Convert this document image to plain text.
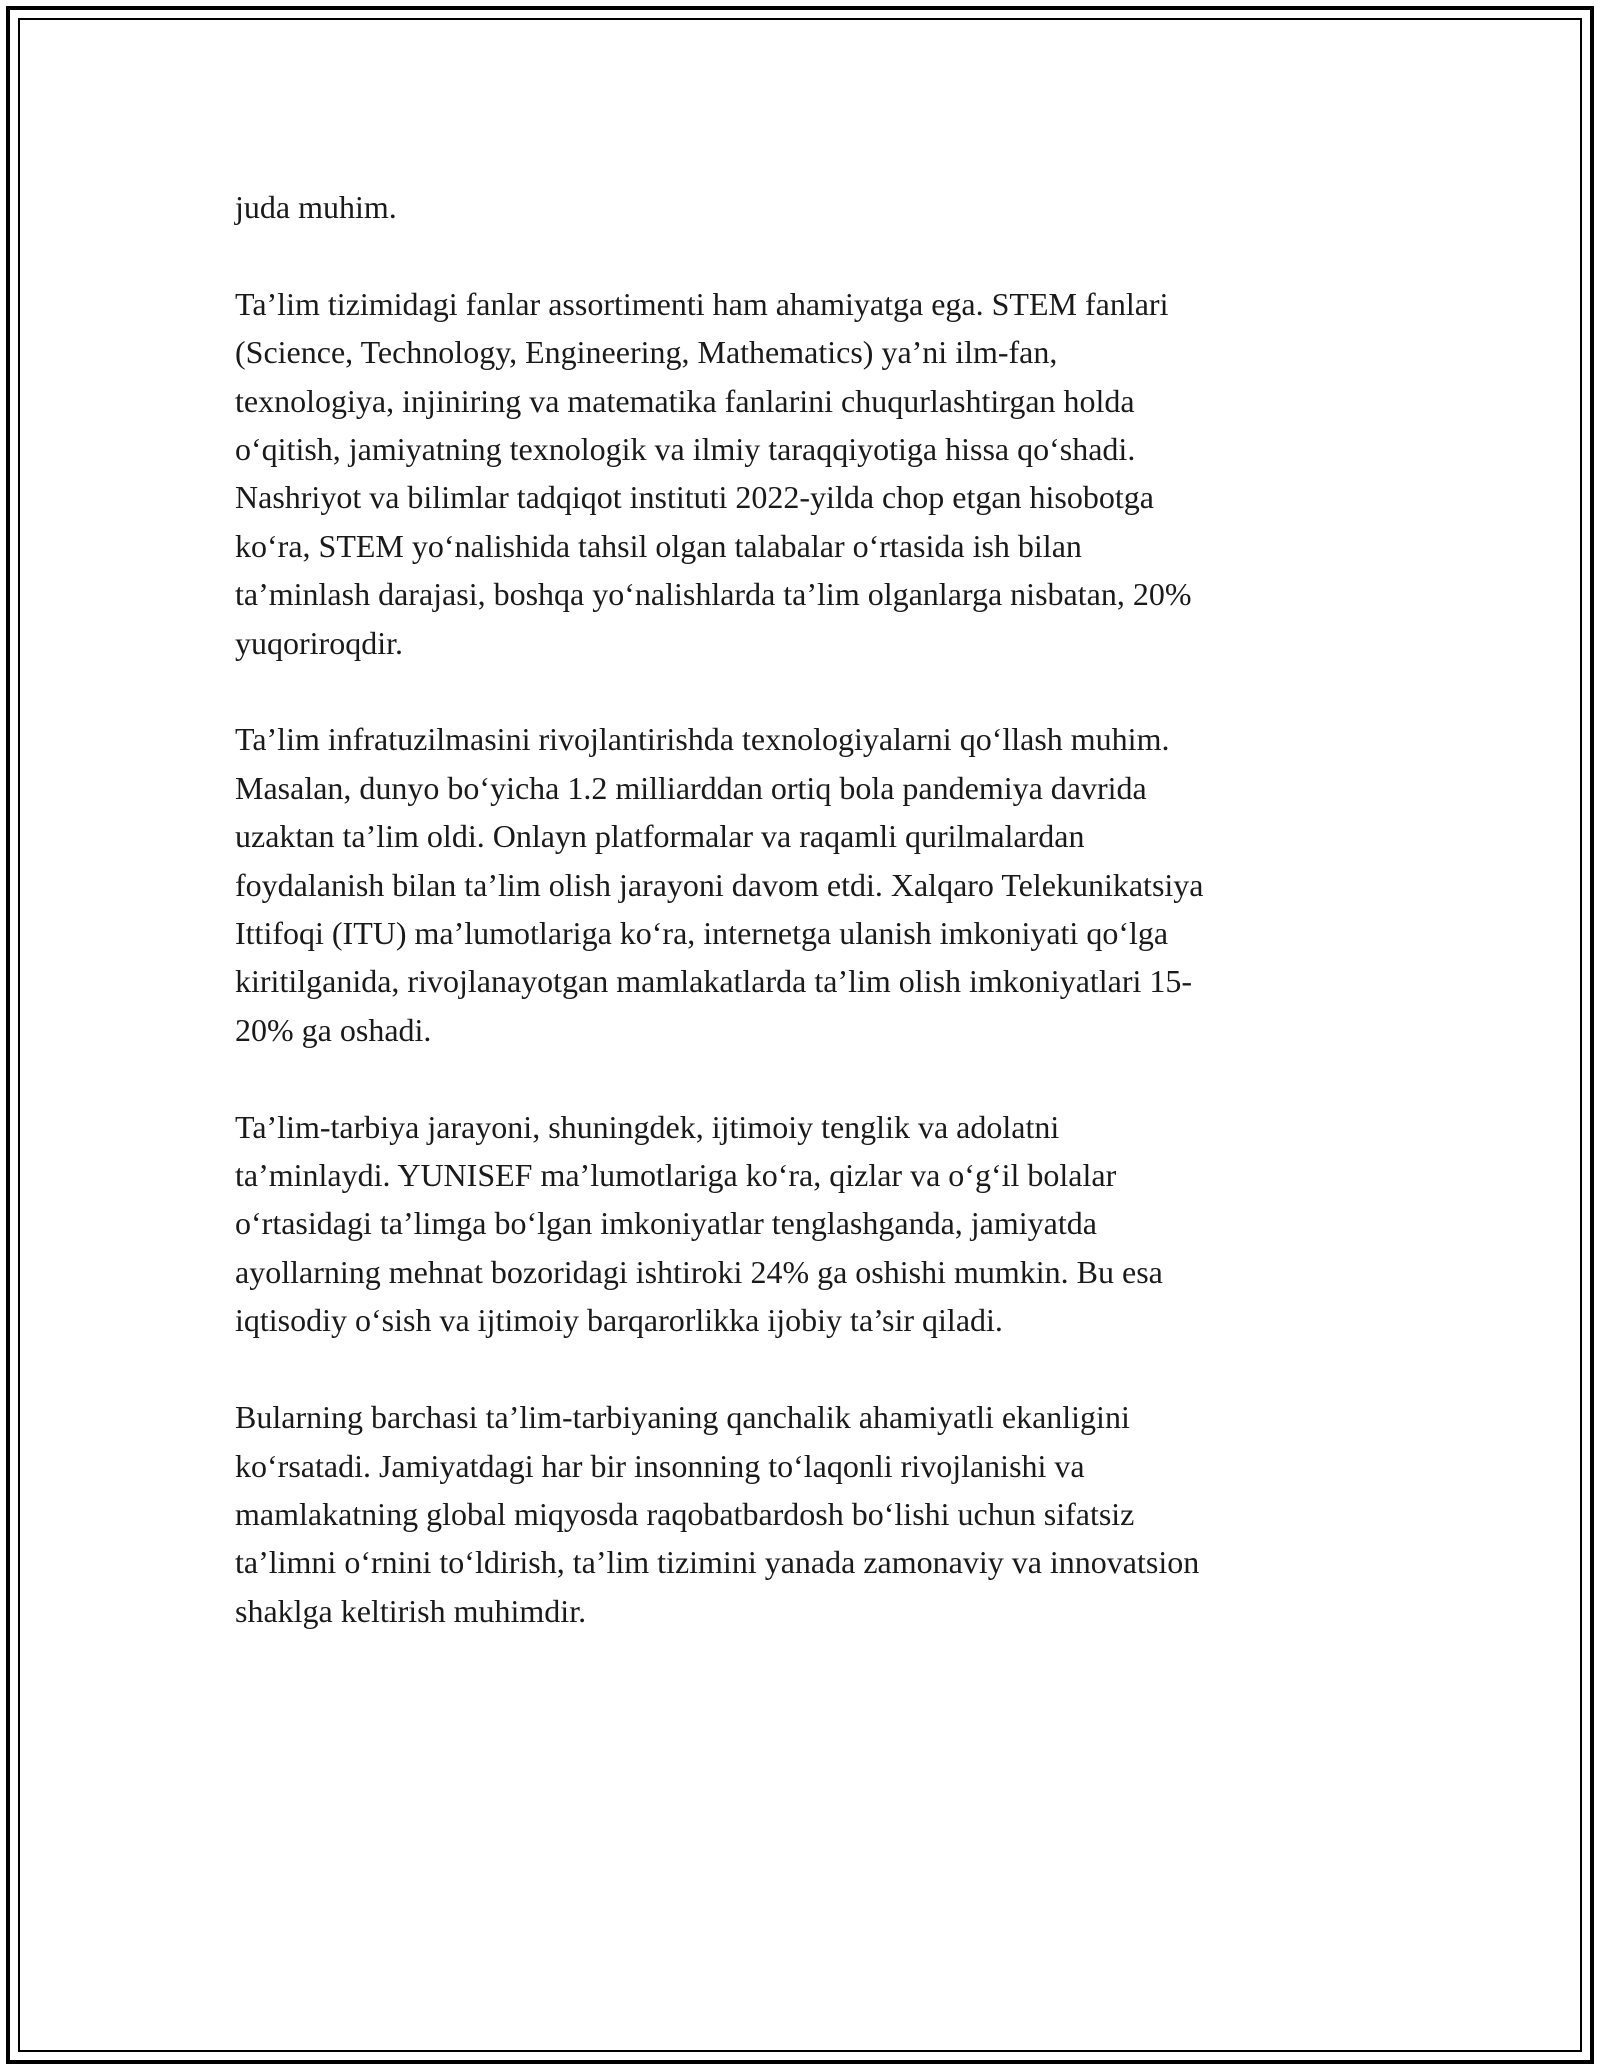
juda muhim.

Ta’lim tizimidagi fanlar assortimenti ham ahamiyatga ega. STEM fanlari
(Science, Technology, Engineering, Mathematics) ya’ni ilm-fan,
texnologiya, injiniring va matematika fanlarini chuqurlashtirgan holda
o‘qitish, jamiyatning texnologik va ilmiy taraqqiyotiga hissa qo‘shadi.
Nashriyot va bilimlar tadqiqot instituti 2022-yilda chop etgan hisobotga
ko‘ra, STEM yo‘nalishida tahsil olgan talabalar o‘rtasida ish bilan
ta’minlash darajasi, boshqa yo‘nalishlarda ta’lim olganlarga nisbatan, 20%
yuqoriroqdir.

Ta’lim infratuzilmasini rivojlantirishda texnologiyalarni qo‘llash muhim.
Masalan, dunyo bo‘yicha 1.2 milliarddan ortiq bola pandemiya davrida
uzaktan ta’lim oldi. Onlayn platformalar va raqamli qurilmalardan
foydalanish bilan ta’lim olish jarayoni davom etdi. Xalqaro Telekunikatsiya
Ittifoqi (ITU) ma’lumotlariga ko‘ra, internetga ulanish imkoniyati qo‘lga
kiritilganida, rivojlanayotgan mamlakatlarda ta’lim olish imkoniyatlari 15-
20% ga oshadi.

Ta’lim-tarbiya jarayoni, shuningdek, ijtimoiy tenglik va adolatni
ta’minlaydi. YUNISEF ma’lumotlariga ko‘ra, qizlar va o‘g‘il bolalar
o‘rtasidagi ta’limga bo‘lgan imkoniyatlar tenglashganda, jamiyatda
ayollarning mehnat bozoridagi ishtiroki 24% ga oshishi mumkin. Bu esa
iqtisodiy o‘sish va ijtimoiy barqarorlikka ijobiy ta’sir qiladi.

Bularning barchasi ta’lim-tarbiyaning qanchalik ahamiyatli ekanligini
ko‘rsatadi. Jamiyatdagi har bir insonning to‘laqonli rivojlanishi va
mamlakatning global miqyosda raqobatbardosh bo‘lishi uchun sifatsiz
ta’limni o‘rnini to‘ldirish, ta’lim tizimini yanada zamonaviy va innovatsion
shaklga keltirish muhimdir.
